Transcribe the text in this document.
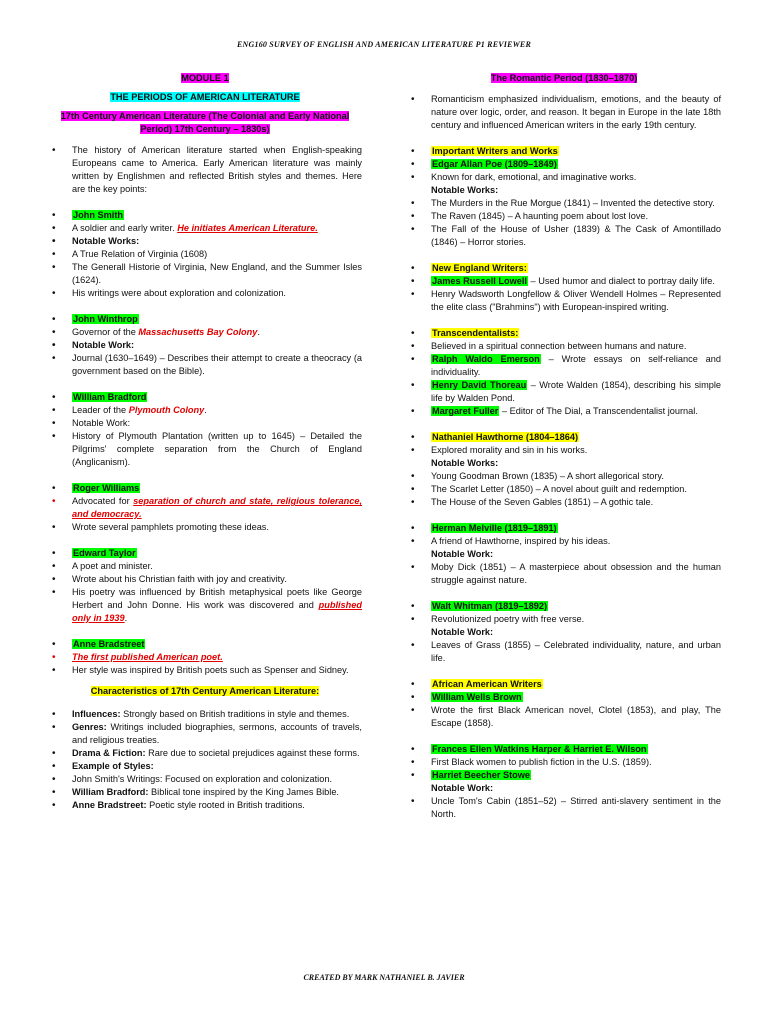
ENG160 SURVEY OF ENGLISH AND AMERICAN LITERATURE P1 REVIEWER
MODULE 1
THE PERIODS OF AMERICAN LITERATURE
17th Century American Literature (The Colonial and Early National
Period) 17th Century – 1830s)
• The history of American literature started when English-speaking Europeans came to America. Early American literature was mainly written by Englishmen and reflected British styles and themes. Here are the key points:
• John Smith
• A soldier and early writer. He initiates American Literature.
• Notable Works:
• A True Relation of Virginia (1608)
• The Generall Historie of Virginia, New England, and the Summer Isles (1624).
• His writings were about exploration and colonization.
• John Winthrop
• Governor of the Massachusetts Bay Colony.
• Notable Work:
• Journal (1630–1649) – Describes their attempt to create a theocracy (a government based on the Bible).
• William Bradford
• Leader of the Plymouth Colony.
• Notable Work:
• History of Plymouth Plantation (written up to 1645) – Detailed the Pilgrims' complete separation from the Church of England (Anglicanism).
• Roger Williams
• Advocated for separation of church and state, religious tolerance, and democracy.
• Wrote several pamphlets promoting these ideas.
• Edward Taylor
• A poet and minister.
• Wrote about his Christian faith with joy and creativity.
• His poetry was influenced by British metaphysical poets like George Herbert and John Donne. His work was discovered and published only in 1939.
• Anne Bradstreet
• The first published American poet.
• Her style was inspired by British poets such as Spenser and Sidney.
Characteristics of 17th Century American Literature:
• Influences: Strongly based on British traditions in style and themes.
• Genres: Writings included biographies, sermons, accounts of travels, and religious treaties.
• Drama & Fiction: Rare due to societal prejudices against these forms.
• Example of Styles:
• John Smith's Writings: Focused on exploration and colonization.
• William Bradford: Biblical tone inspired by the King James Bible.
• Anne Bradstreet: Poetic style rooted in British traditions.
The Romantic Period (1830–1870)
• Romanticism emphasized individualism, emotions, and the beauty of nature over logic, order, and reason. It began in Europe in the late 18th century and influenced American writers in the early 19th century.
• Important Writers and Works
• Edgar Allan Poe (1809–1849)
• Known for dark, emotional, and imaginative works.
Notable Works:
• The Murders in the Rue Morgue (1841) – Invented the detective story.
• The Raven (1845) – A haunting poem about lost love.
• The Fall of the House of Usher (1839) & The Cask of Amontillado (1846) – Horror stories.
• New England Writers:
• James Russell Lowell – Used humor and dialect to portray daily life.
• Henry Wadsworth Longfellow & Oliver Wendell Holmes – Represented the elite class ("Brahmins") with European-inspired writing.
• Transcendentalists:
• Believed in a spiritual connection between humans and nature.
• Ralph Waldo Emerson – Wrote essays on self-reliance and individuality.
• Henry David Thoreau – Wrote Walden (1854), describing his simple life by Walden Pond.
• Margaret Fuller – Editor of The Dial, a Transcendentalist journal.
• Nathaniel Hawthorne (1804–1864)
• Explored morality and sin in his works.
Notable Works:
• Young Goodman Brown (1835) – A short allegorical story.
• The Scarlet Letter (1850) – A novel about guilt and redemption.
• The House of the Seven Gables (1851) – A gothic tale.
• Herman Melville (1819–1891)
• A friend of Hawthorne, inspired by his ideas.
Notable Work:
• Moby Dick (1851) – A masterpiece about obsession and the human struggle against nature.
• Walt Whitman (1819–1892)
• Revolutionized poetry with free verse.
Notable Work:
• Leaves of Grass (1855) – Celebrated individuality, nature, and urban life.
• African American Writers
• William Wells Brown
• Wrote the first Black American novel, Clotel (1853), and play, The Escape (1858).
• Frances Ellen Watkins Harper & Harriet E. Wilson
• First Black women to publish fiction in the U.S. (1859).
• Harriet Beecher Stowe
Notable Work:
• Uncle Tom's Cabin (1851–52) – Stirred anti-slavery sentiment in the North.
CREATED BY MARK NATHANIEL B. JAVIER
